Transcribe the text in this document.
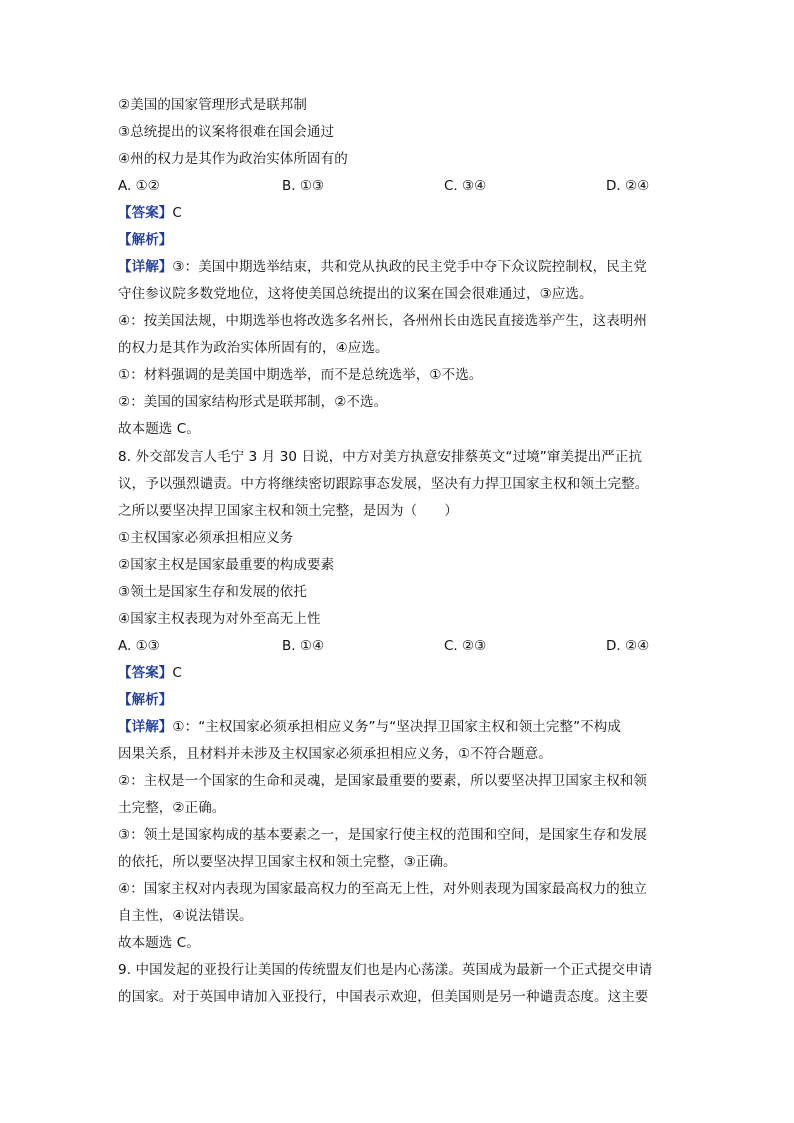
②美国的国家管理形式是联邦制
③总统提出的议案将很难在国会通过
④州的权力是其作为政治实体所固有的
A. ①②	B. ①③	C. ③④	D. ②④
【答案】C
【解析】
【详解】③：美国中期选举结束，共和党从执政的民主党手中夺下众议院控制权，民主党
守住参议院多数党地位，这将使美国总统提出的议案在国会很难通过，③应选。
④：按美国法规，中期选举也将改选多名州长，各州州长由选民直接选举产生，这表明州
的权力是其作为政治实体所固有的，④应选。
①：材料强调的是美国中期选举，而不是总统选举，①不选。
②：美国的国家结构形式是联邦制，②不选。
故本题选 C。
8. 外交部发言人毛宁 3 月 30 日说，中方对美方执意安排蔡英文“过境”窜美提出严正抗
议，予以强烈谴责。中方将继续密切跟踪事态发展，坚决有力捍卫国家主权和领土完整。
之所以要坚决捍卫国家主权和领土完整，是因为（　　）
①主权国家必须承担相应义务
②国家主权是国家最重要的构成要素
③领土是国家生存和发展的依托
④国家主权表现为对外至高无上性
A. ①③	B. ①④	C. ②③	D. ②④
【答案】C
【解析】
【详解】①：“主权国家必须承担相应义务”与“坚决捍卫国家主权和领土完整”不构成
因果关系，且材料并未涉及主权国家必须承担相应义务，①不符合题意。
②：主权是一个国家的生命和灵魂，是国家最重要的要素，所以要坚决捍卫国家主权和领
土完整，②正确。
③：领土是国家构成的基本要素之一，是国家行使主权的范围和空间，是国家生存和发展
的依托，所以要坚决捍卫国家主权和领土完整，③正确。
④：国家主权对内表现为国家最高权力的至高无上性，对外则表现为国家最高权力的独立
自主性，④说法错误。
故本题选 C。
9. 中国发起的亚投行让美国的传统盟友们也是内心荡漾。英国成为最新一个正式提交申请
的国家。对于英国申请加入亚投行，中国表示欢迎，但美国则是另一种谴责态度。这主要
